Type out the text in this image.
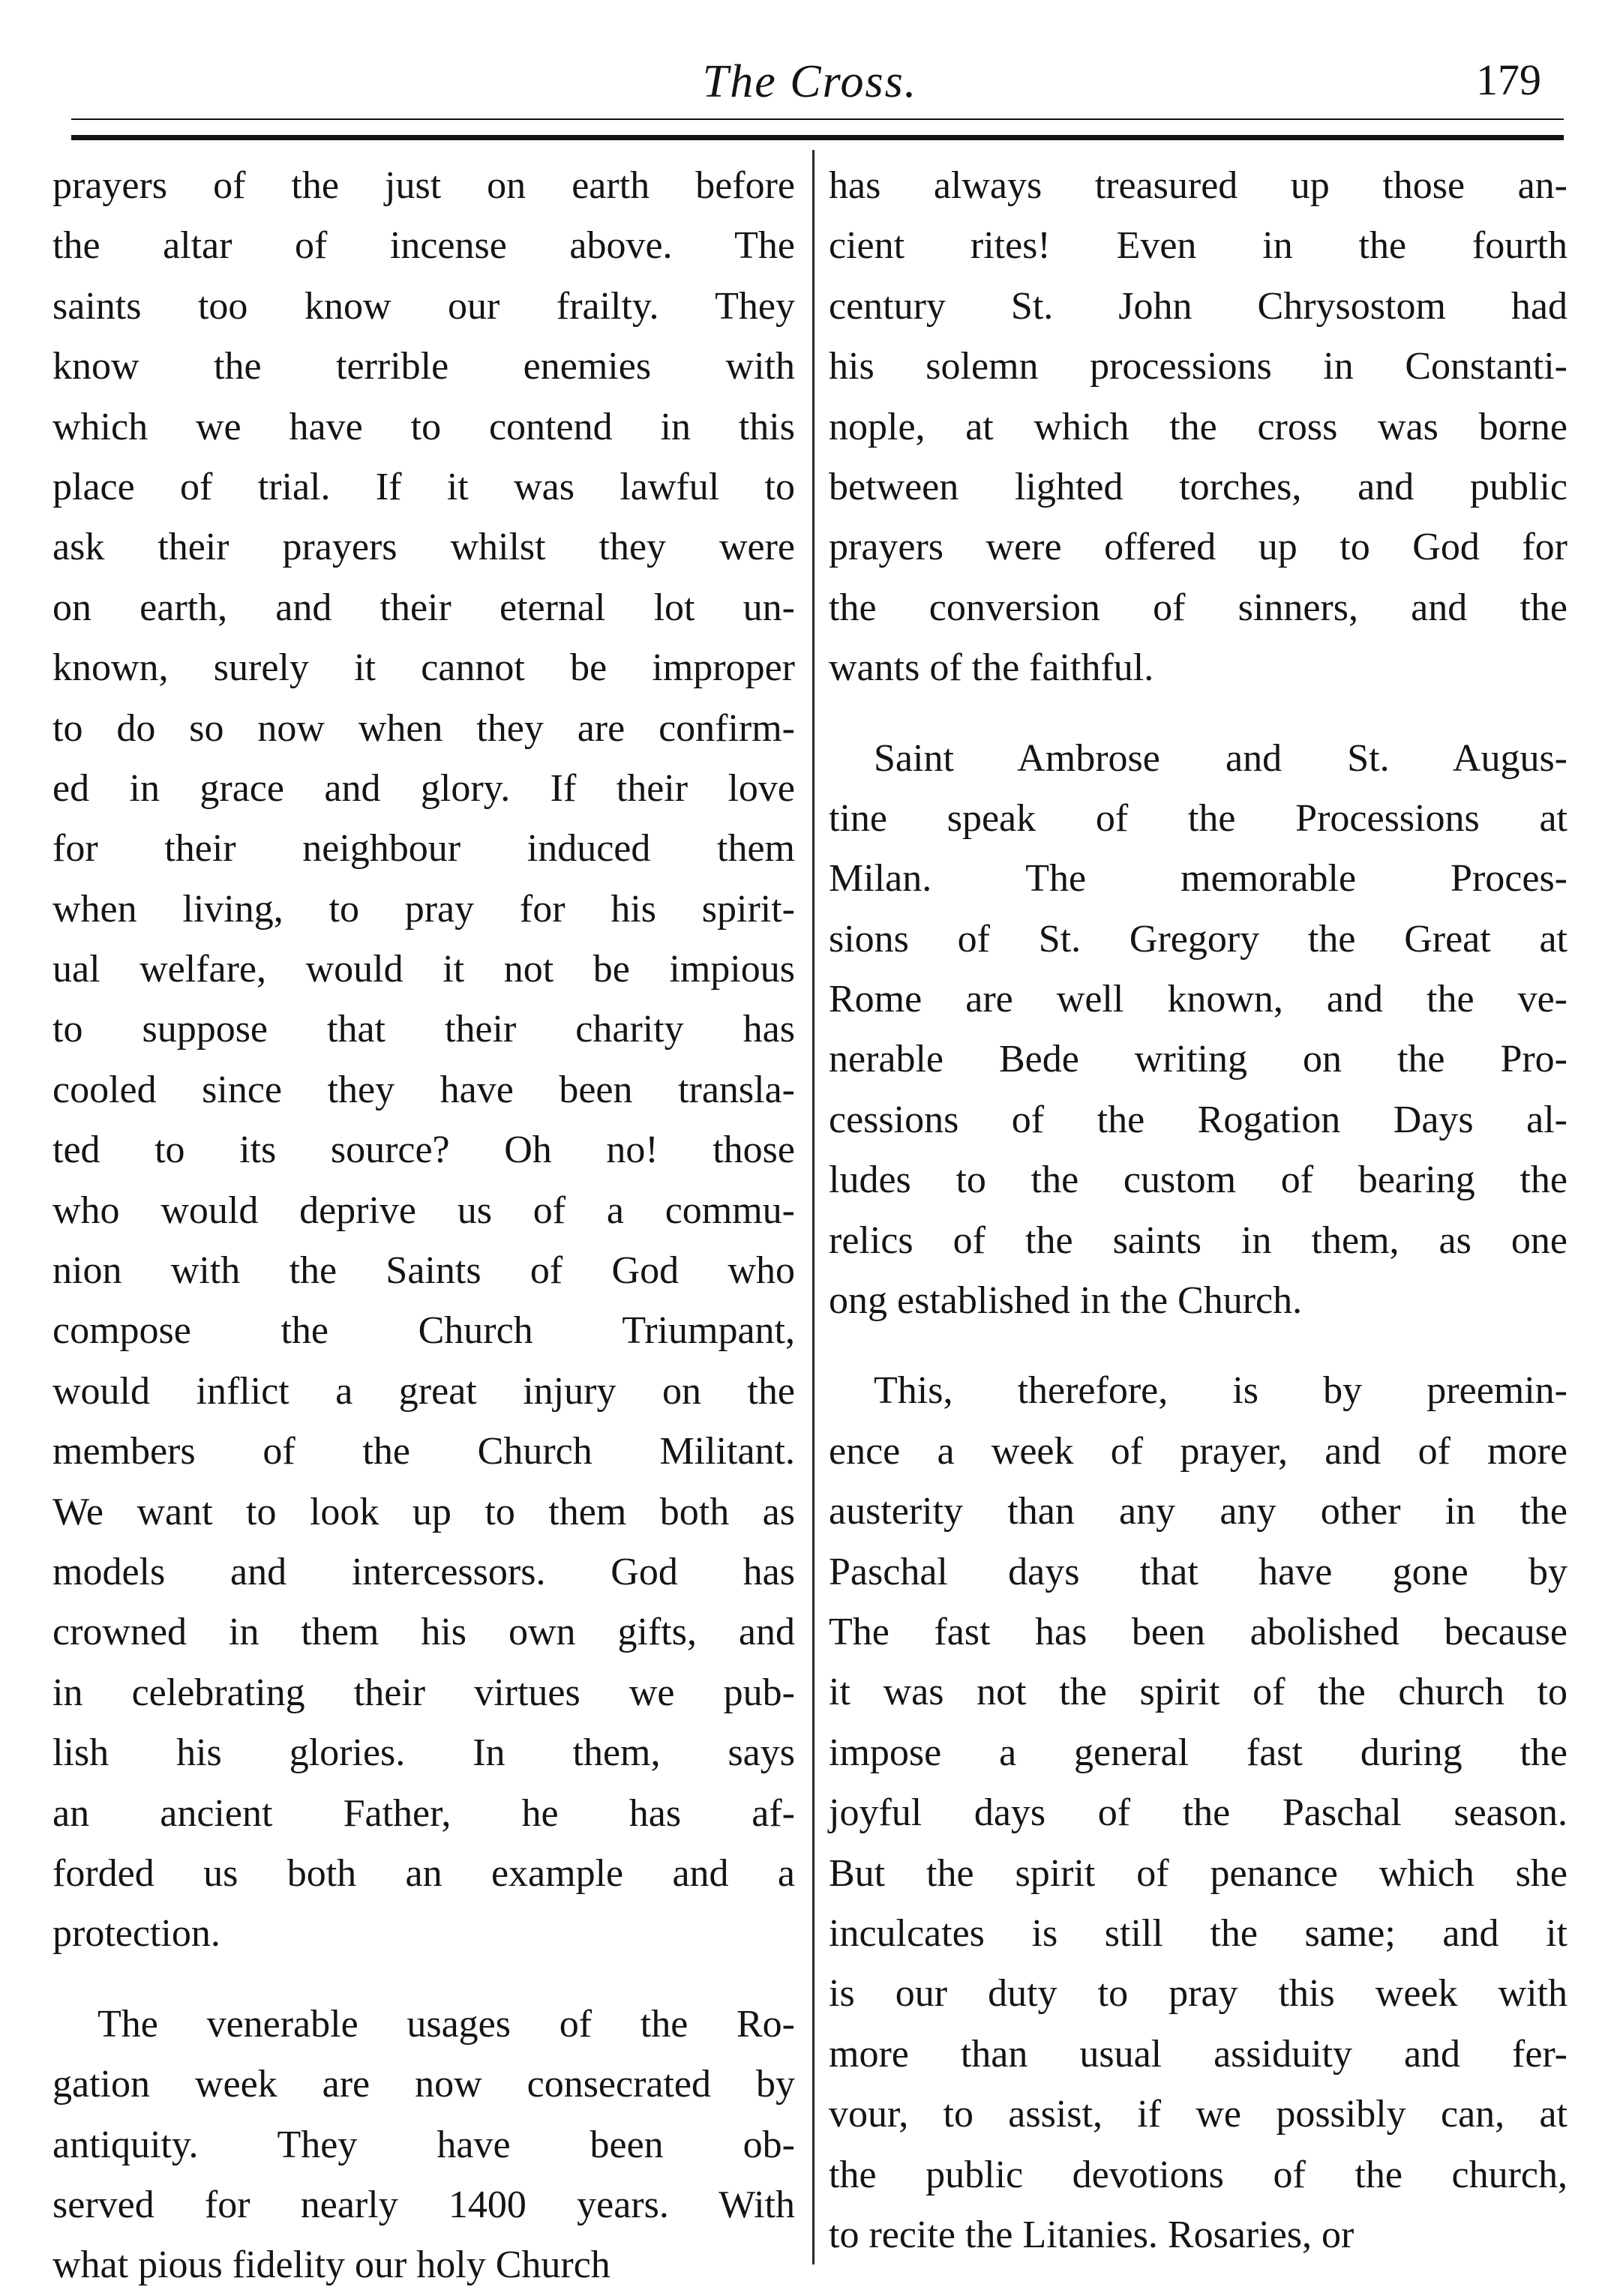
The Cross.	179
prayers of the just on earth before
the altar of incense above. The
saints too know our frailty. They
know the terrible enemies with
which we have to contend in this
place of trial. If it was lawful to
ask their prayers whilst they were
on earth, and their eternal lot un-
known, surely it cannot be improper
to do so now when they are confirm-
ed in grace and glory. If their love
for their neighbour induced them
when living, to pray for his spirit-
ual welfare, would it not be impious
to suppose that their charity has
cooled since they have been transla-
ted to its source? Oh no! those
who would deprive us of a commu-
nion with the Saints of God who
compose the Church Triumpant,
would inflict a great injury on the
members of the Church Militant.
We want to look up to them both as
models and intercessors. God has
crowned in them his own gifts, and
in celebrating their virtues we pub-
lish his glories. In them, says
an ancient Father, he has af-
forded us both an example and a
protection.
The venerable usages of the Ro-
gation week are now consecrated by
antiquity. They have been ob-
served for nearly 1400 years. With
what pious fidelity our holy Church
has always treasured up those an-
cient rites! Even in the fourth
century St. John Chrysostom had
his solemn processions in Constanti-
nople, at which the cross was borne
between lighted torches, and public
prayers were offered up to God for
the conversion of sinners, and the
wants of the faithful.
Saint Ambrose and St. Augus-
tine speak of the Processions at
Milan. The memorable Proces-
sions of St. Gregory the Great at
Rome are well known, and the ve-
nerable Bede writing on the Pro-
cessions of the Rogation Days al-
ludes to the custom of bearing the
relics of the saints in them, as one
ong established in the Church.
This, therefore, is by preemin-
ence a week of prayer, and of more
austerity than any any other in the
Paschal days that have gone by
The fast has been abolished because
it was not the spirit of the church to
impose a general fast during the
joyful days of the Paschal season.
But the spirit of penance which she
inculcates is still the same; and it
is our duty to pray this week with
more than usual assiduity and fer-
vour, to assist, if we possibly can, at
the public devotions of the church,
to recite the Litanies. Rosaries, or
